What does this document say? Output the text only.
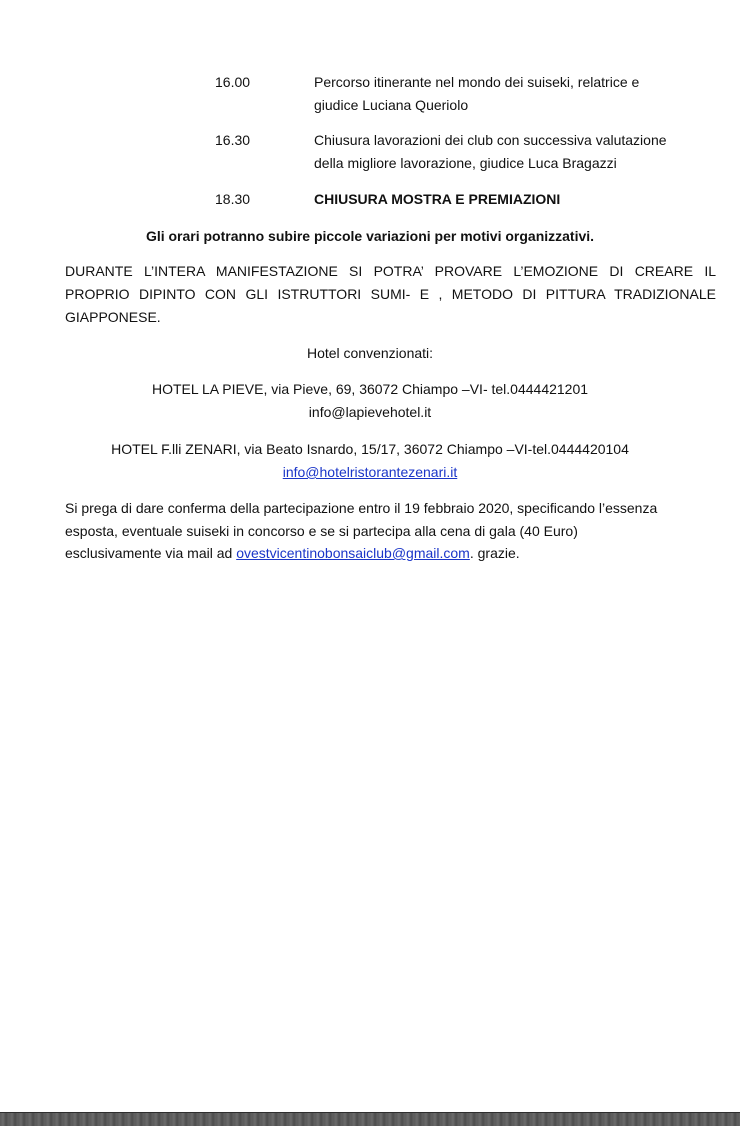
16.00	Percorso itinerante nel mondo dei suiseki, relatrice e
giudice Luciana Queriolo
16.30	Chiusura lavorazioni dei club con successiva valutazione
della migliore lavorazione, giudice Luca Bragazzi
18.30	CHIUSURA MOSTRA E PREMIAZIONI
Gli orari potranno subire piccole variazioni per motivi organizzativi.
DURANTE L’INTERA MANIFESTAZIONE SI POTRA’ PROVARE L’EMOZIONE DI CREARE IL
PROPRIO DIPINTO CON GLI ISTRUTTORI SUMI- E , METODO DI PITTURA TRADIZIONALE
GIAPPONESE.
Hotel convenzionati:
HOTEL LA PIEVE, via Pieve, 69, 36072 Chiampo –VI- tel.0444421201
info@lapievehotel.it
HOTEL F.lli ZENARI, via Beato Isnardo, 15/17, 36072 Chiampo –VI-tel.0444420104
info@hotelristorantezenari.it
Si prega di dare conferma della partecipazione entro il 19 febbraio 2020, specificando l’essenza
esposta, eventuale suiseki in concorso e se si partecipa alla cena di gala (40 Euro)
esclusivamente via mail ad ovestvicentinobonsaiclub@gmail.com. grazie.
